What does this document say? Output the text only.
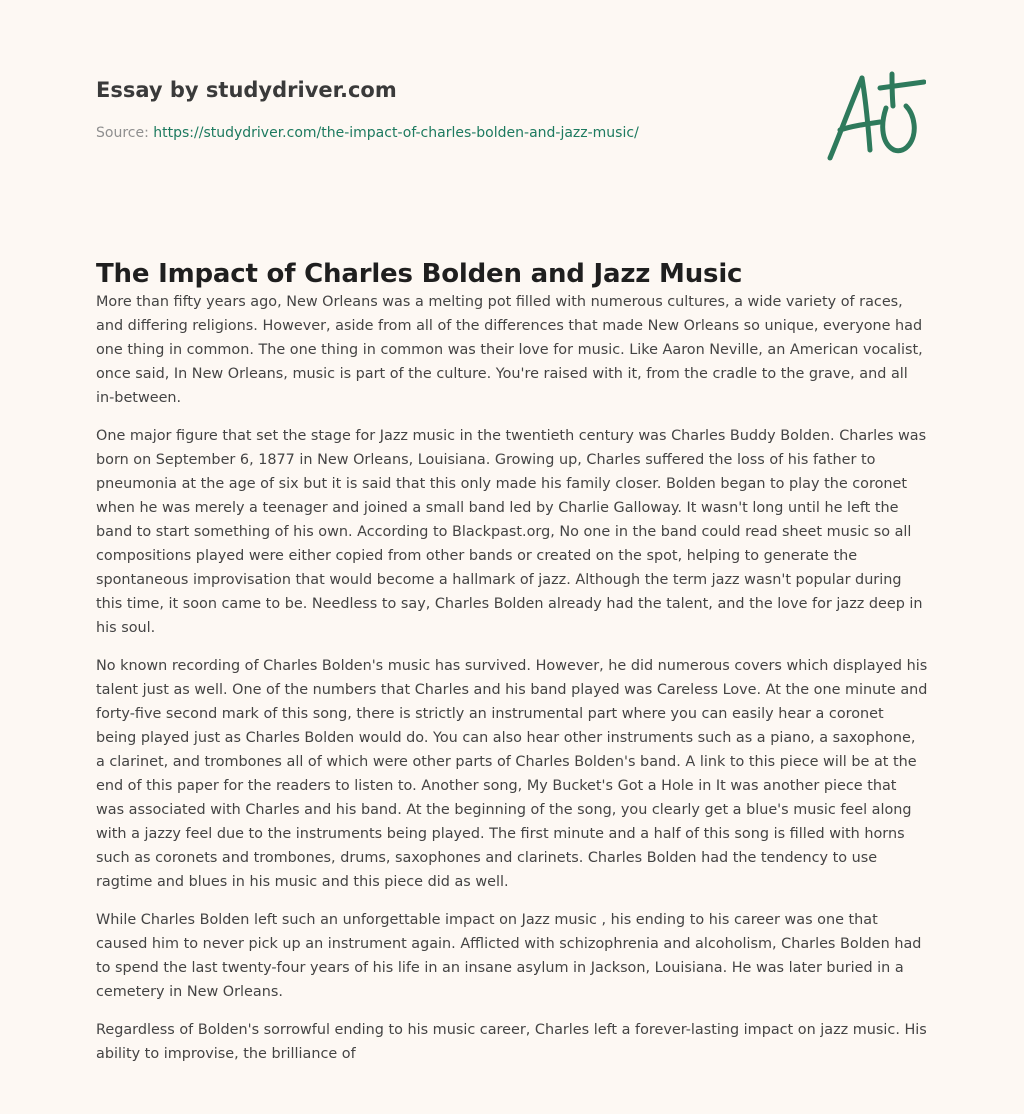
Essay by studydriver.com
Source: https://studydriver.com/the-impact-of-charles-bolden-and-jazz-music/
The Impact of Charles Bolden and Jazz Music

More than fifty years ago, New Orleans was a melting pot filled with numerous cultures, a wide variety of races, and differing religions. However, aside from all of the differences that made New Orleans so unique, everyone had one thing in common. The one thing in common was their love for music. Like Aaron Neville, an American vocalist, once said, In New Orleans, music is part of the culture. You're raised with it, from the cradle to the grave, and all in-between.

One major figure that set the stage for Jazz music in the twentieth century was Charles Buddy Bolden. Charles was born on September 6, 1877 in New Orleans, Louisiana. Growing up, Charles suffered the loss of his father to pneumonia at the age of six but it is said that this only made his family closer. Bolden began to play the coronet when he was merely a teenager and joined a small band led by Charlie Galloway. It wasn't long until he left the band to start something of his own. According to Blackpast.org, No one in the band could read sheet music so all compositions played were either copied from other bands or created on the spot, helping to generate the spontaneous improvisation that would become a hallmark of jazz. Although the term jazz wasn't popular during this time, it soon came to be. Needless to say, Charles Bolden already had the talent, and the love for jazz deep in his soul.

No known recording of Charles Bolden's music has survived. However, he did numerous covers which displayed his talent just as well. One of the numbers that Charles and his band played was Careless Love. At the one minute and forty-five second mark of this song, there is strictly an instrumental part where you can easily hear a coronet being played just as Charles Bolden would do. You can also hear other instruments such as a piano, a saxophone, a clarinet, and trombones all of which were other parts of Charles Bolden's band. A link to this piece will be at the end of this paper for the readers to listen to. Another song, My Bucket's Got a Hole in It was another piece that was associated with Charles and his band. At the beginning of the song, you clearly get a blue's music feel along with a jazzy feel due to the instruments being played. The first minute and a half of this song is filled with horns such as coronets and trombones, drums, saxophones and clarinets. Charles Bolden had the tendency to use ragtime and blues in his music and this piece did as well.

While Charles Bolden left such an unforgettable impact on Jazz music , his ending to his career was one that caused him to never pick up an instrument again. Afflicted with schizophrenia and alcoholism, Charles Bolden had to spend the last twenty-four years of his life in an insane asylum in Jackson, Louisiana. He was later buried in a cemetery in New Orleans.

Regardless of Bolden's sorrowful ending to his music career, Charles left a forever-lasting impact on jazz music. His ability to improvise, the brilliance of
